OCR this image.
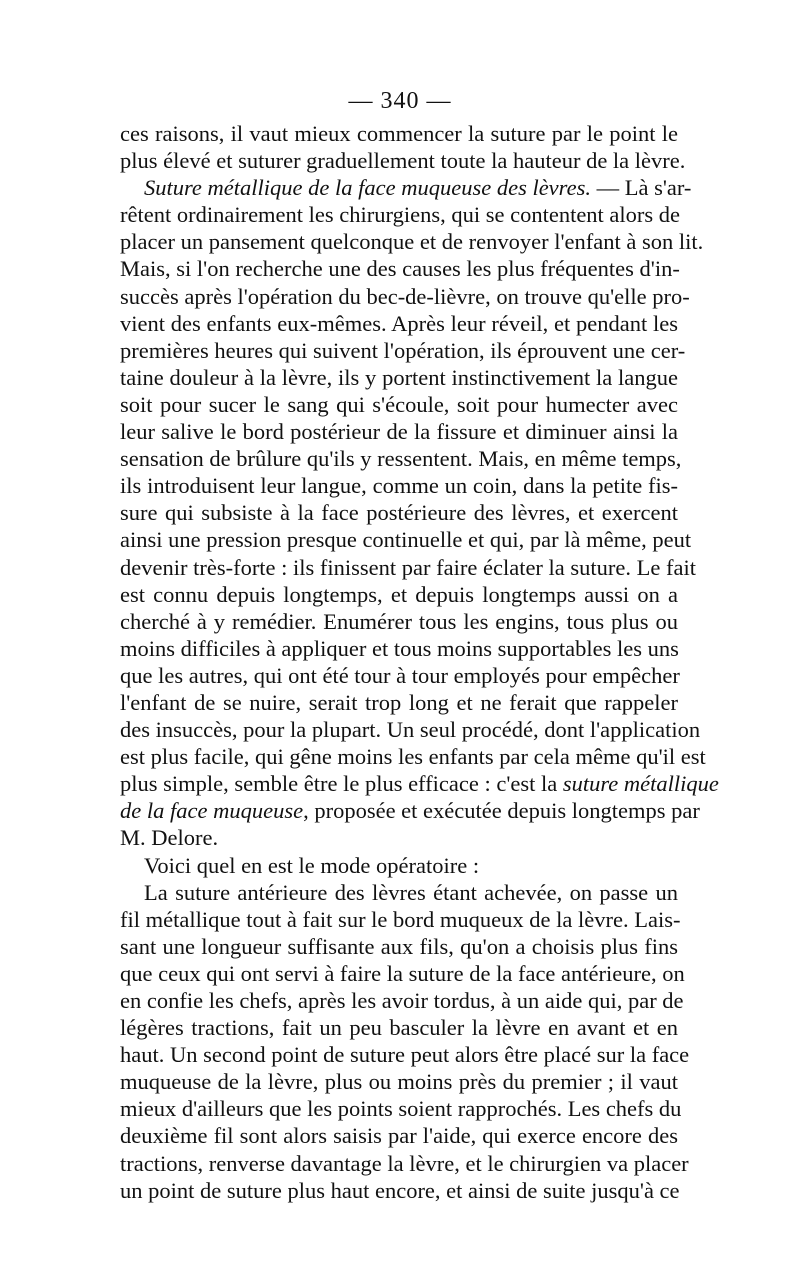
— 340 —
ces raisons, il vaut mieux commencer la suture par le point le
plus élevé et suturer graduellement toute la hauteur de la lèvre.
Suture métallique de la face muqueuse des lèvres. — Là s'ar-
rêtent ordinairement les chirurgiens, qui se contentent alors de
placer un pansement quelconque et de renvoyer l'enfant à son lit.
Mais, si l'on recherche une des causes les plus fréquentes d'in-
succès après l'opération du bec-de-lièvre, on trouve qu'elle pro-
vient des enfants eux-mêmes. Après leur réveil, et pendant les
premières heures qui suivent l'opération, ils éprouvent une cer-
taine douleur à la lèvre, ils y portent instinctivement la langue
soit pour sucer le sang qui s'écoule, soit pour humecter avec
leur salive le bord postérieur de la fissure et diminuer ainsi la
sensation de brûlure qu'ils y ressentent. Mais, en même temps,
ils introduisent leur langue, comme un coin, dans la petite fis-
sure qui subsiste à la face postérieure des lèvres, et exercent
ainsi une pression presque continuelle et qui, par là même, peut
devenir très-forte : ils finissent par faire éclater la suture. Le fait
est connu depuis longtemps, et depuis longtemps aussi on a
cherché à y remédier. Enumérer tous les engins, tous plus ou
moins difficiles à appliquer et tous moins supportables les uns
que les autres, qui ont été tour à tour employés pour empêcher
l'enfant de se nuire, serait trop long et ne ferait que rappeler
des insuccès, pour la plupart. Un seul procédé, dont l'application
est plus facile, qui gêne moins les enfants par cela même qu'il est
plus simple, semble être le plus efficace : c'est la suture métallique
de la face muqueuse, proposée et exécutée depuis longtemps par
M. Delore.
Voici quel en est le mode opératoire :
La suture antérieure des lèvres étant achevée, on passe un
fil métallique tout à fait sur le bord muqueux de la lèvre. Lais-
sant une longueur suffisante aux fils, qu'on a choisis plus fins
que ceux qui ont servi à faire la suture de la face antérieure, on
en confie les chefs, après les avoir tordus, à un aide qui, par de
légères tractions, fait un peu basculer la lèvre en avant et en
haut. Un second point de suture peut alors être placé sur la face
muqueuse de la lèvre, plus ou moins près du premier ; il vaut
mieux d'ailleurs que les points soient rapprochés. Les chefs du
deuxième fil sont alors saisis par l'aide, qui exerce encore des
tractions, renverse davantage la lèvre, et le chirurgien va placer
un point de suture plus haut encore, et ainsi de suite jusqu'à ce
